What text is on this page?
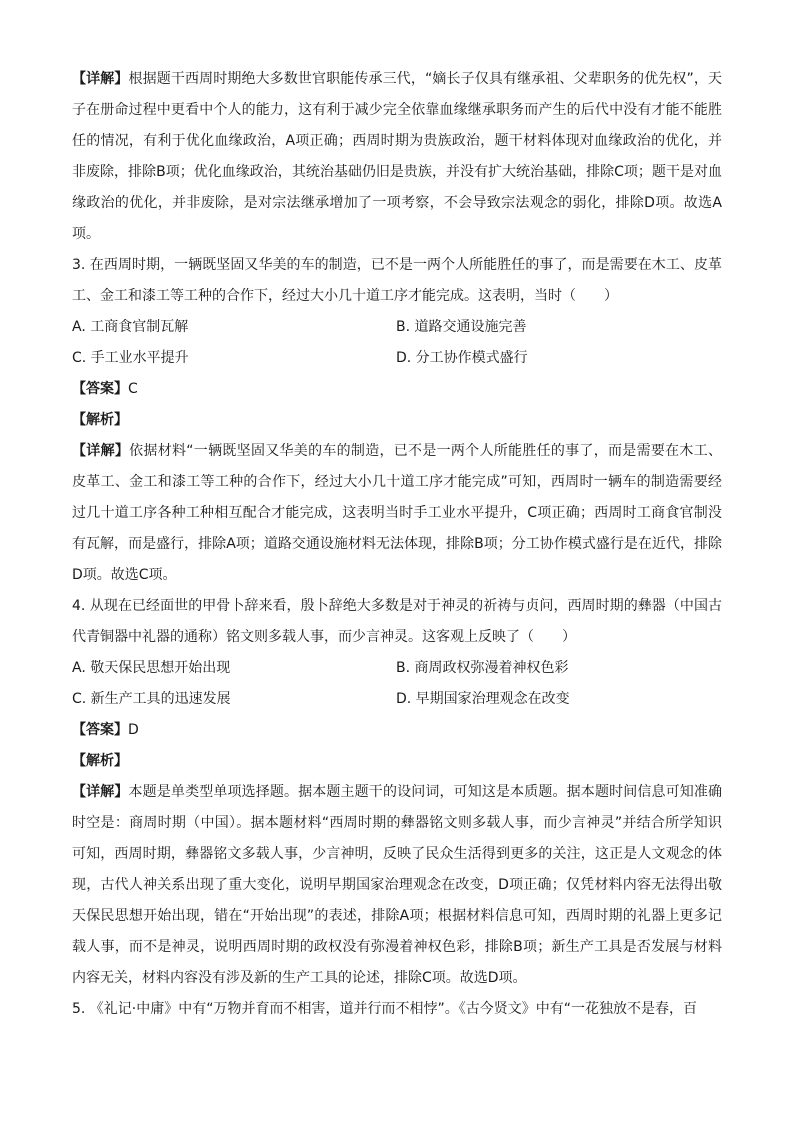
【详解】根据题干西周时期绝大多数世官职能传承三代，“嫡长子仅具有继承祖、父辈职务的优先权”，天子在册命过程中更看中个人的能力，这有利于减少完全依靠血缘继承职务而产生的后代中没有才能不能胜任的情况，有利于优化血缘政治，A项正确；西周时期为贵族政治，题干材料体现对血缘政治的优化，并非废除，排除B项；优化血缘政治，其统治基础仍旧是贵族，并没有扩大统治基础，排除C项；题干是对血缘政治的优化，并非废除，是对宗法继承增加了一项考察，不会导致宗法观念的弱化，排除D项。故选A项。

3. 在西周时期，一辆既坚固又华美的车的制造，已不是一两个人所能胜任的事了，而是需要在木工、皮革工、金工和漆工等工种的合作下，经过大小几十道工序才能完成。这表明，当时（　　）

A. 工商食官制瓦解	B. 道路交通设施完善
C. 手工业水平提升	D. 分工协作模式盛行

【答案】C

【解析】

【详解】依据材料“一辆既坚固又华美的车的制造，已不是一两个人所能胜任的事了，而是需要在木工、皮革工、金工和漆工等工种的合作下，经过大小几十道工序才能完成”可知，西周时一辆车的制造需要经过几十道工序各种工种相互配合才能完成，这表明当时手工业水平提升，C项正确；西周时工商食官制没有瓦解，而是盛行，排除A项；道路交通设施材料无法体现，排除B项；分工协作模式盛行是在近代，排除D项。故选C项。

4. 从现在已经面世的甲骨卜辞来看，殷卜辞绝大多数是对于神灵的祈祷与贞问，西周时期的彝器（中国古代青铜器中礼器的通称）铭文则多载人事，而少言神灵。这客观上反映了（　　）

A. 敬天保民思想开始出现	B. 商周政权弥漫着神权色彩
C. 新生产工具的迅速发展	D. 早期国家治理观念在改变

【答案】D

【解析】

【详解】本题是单类型单项选择题。据本题主题干的设问词，可知这是本质题。据本题时间信息可知准确时空是：商周时期（中国）。据本题材料“西周时期的彝器铭文则多载人事，而少言神灵”并结合所学知识可知，西周时期，彝器铭文多载人事，少言神明，反映了民众生活得到更多的关注，这正是人文观念的体现，古代人神关系出现了重大变化，说明早期国家治理观念在改变，D项正确；仅凭材料内容无法得出敬天保民思想开始出现，错在“开始出现”的表述，排除A项；根据材料信息可知，西周时期的礼器上更多记载人事，而不是神灵，说明西周时期的政权没有弥漫着神权色彩，排除B项；新生产工具是否发展与材料内容无关，材料内容没有涉及新的生产工具的论述，排除C项。故选D项。

5. 《礼记·中庸》中有“万物并育而不相害，道并行而不相悖”。《古今贤文》中有“一花独放不是春，百
